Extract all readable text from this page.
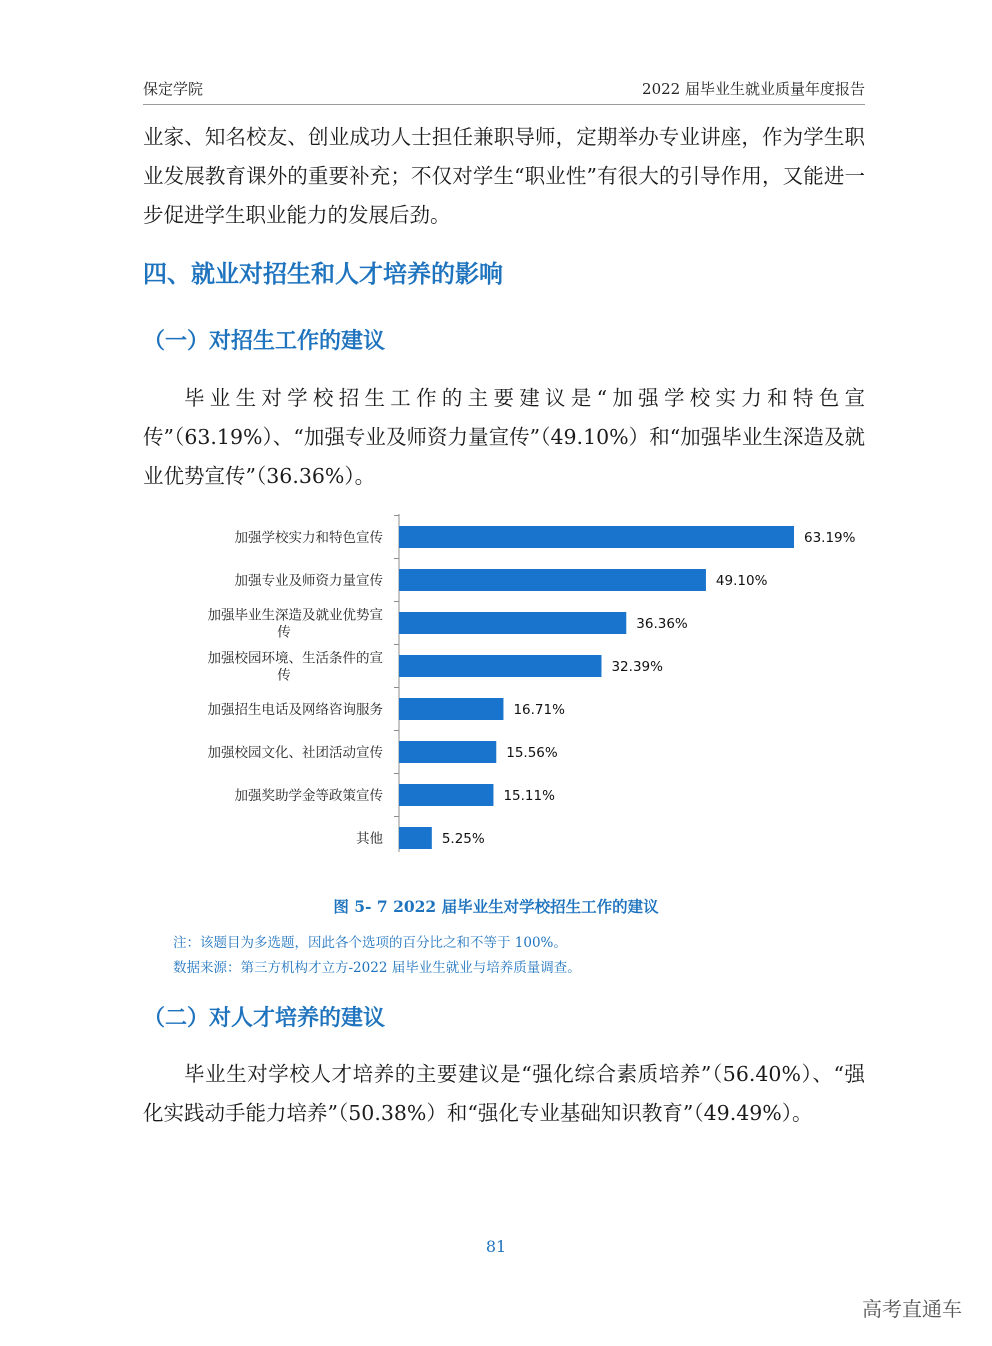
保定学院	2022 届毕业生就业质量年度报告

业家、知名校友、创业成功人士担任兼职导师，定期举办专业讲座，作为学生职业发展教育课外的重要补充；不仅对学生“职业性”有很大的引导作用，又能进一步促进学生职业能力的发展后劲。

四、就业对招生和人才培养的影响
（一）对招生工作的建议

毕业生对学校招生工作的主要建议是“加强学校实力和特色宣传”（63.19%）、“加强专业及师资力量宣传”（49.10%）和“加强毕业生深造及就业优势宣传”（36.36%）。

63.19%
加强学校实力和特色宣传
49.10%
加强专业及师资力量宣传
36.36%
加强毕业生深造及就业优势宣
传
32.39%
加强校园环境、生活条件的宣
传
16.71%
加强招生电话及网络咨询服务
15.56%
加强校园文化、社团活动宣传
15.11%
加强奖助学金等政策宣传
5.25%
其他
图 5- 7 2022 届毕业生对学校招生工作的建议
注：该题目为多选题，因此各个选项的百分比之和不等于 100%。
数据来源：第三方机构才立方-2022 届毕业生就业与培养质量调查。
（二）对人才培养的建议

毕业生对学校人才培养的主要建议是“强化综合素质培养”（56.40%）、“强化实践动手能力培养”（50.38%）和“强化专业基础知识教育”（49.49%）。

81
高考直通车
